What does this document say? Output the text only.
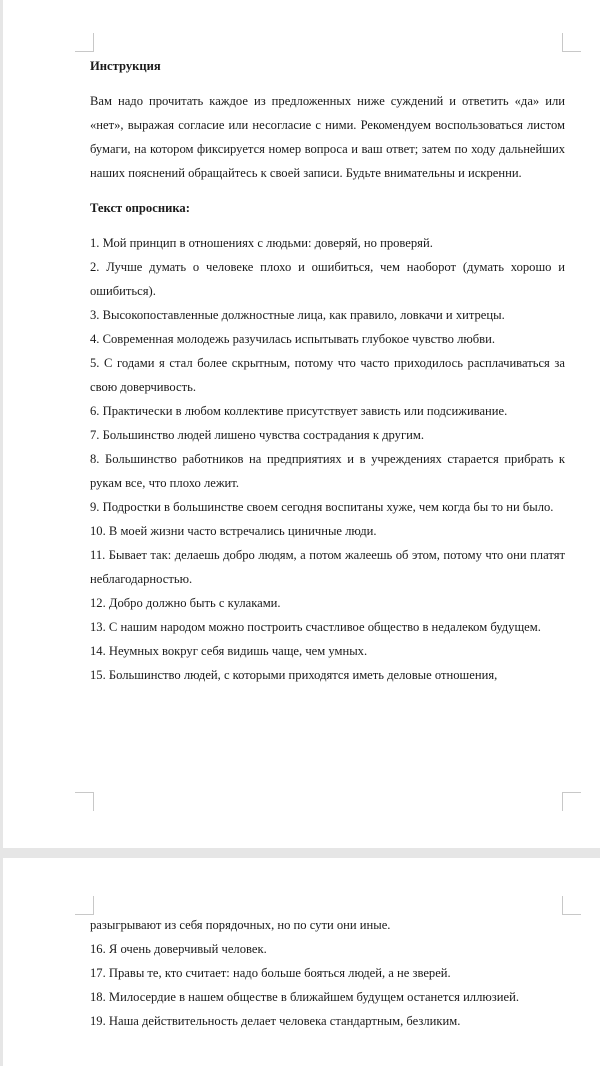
Инструкция
Вам надо прочитать каждое из предложенных ниже суждений и ответить «да» или «нет», выражая согласие или несогласие с ними. Рекомендуем воспользоваться листом бумаги, на котором фиксируется номер вопроса и ваш ответ; затем по ходу дальнейших наших пояснений обращайтесь к своей записи. Будьте внимательны и искренни.
Текст опросника:
1. Мой принцип в отношениях с людьми: доверяй, но проверяй.
2. Лучше думать о человеке плохо и ошибиться, чем наоборот (думать хорошо и ошибиться).
3. Высокопоставленные должностные лица, как правило, ловкачи и хитрецы.
4. Современная молодежь разучилась испытывать глубокое чувство любви.
5. С годами я стал более скрытным, потому что часто приходилось расплачиваться за свою доверчивость.
6. Практически в любом коллективе присутствует зависть или подсиживание.
7. Большинство людей лишено чувства сострадания к другим.
8. Большинство работников на предприятиях и в учреждениях старается прибрать к рукам все, что плохо лежит.
9. Подростки в большинстве своем сегодня воспитаны хуже, чем когда бы то ни было.
10. В моей жизни часто встречались циничные люди.
11. Бывает так: делаешь добро людям, а потом жалеешь об этом, потому что они платят неблагодарностью.
12. Добро должно быть с кулаками.
13. С нашим народом можно построить счастливое общество в недалеком будущем.
14. Неумных вокруг себя видишь чаще, чем умных.
15. Большинство людей, с которыми приходятся иметь деловые отношения,
разыгрывают из себя порядочных, но по сути они иные.
16. Я очень доверчивый человек.
17. Правы те, кто считает: надо больше бояться людей, а не зверей.
18. Милосердие в нашем обществе в ближайшем будущем останется иллюзией.
19. Наша действительность делает человека стандартным, безликим.
